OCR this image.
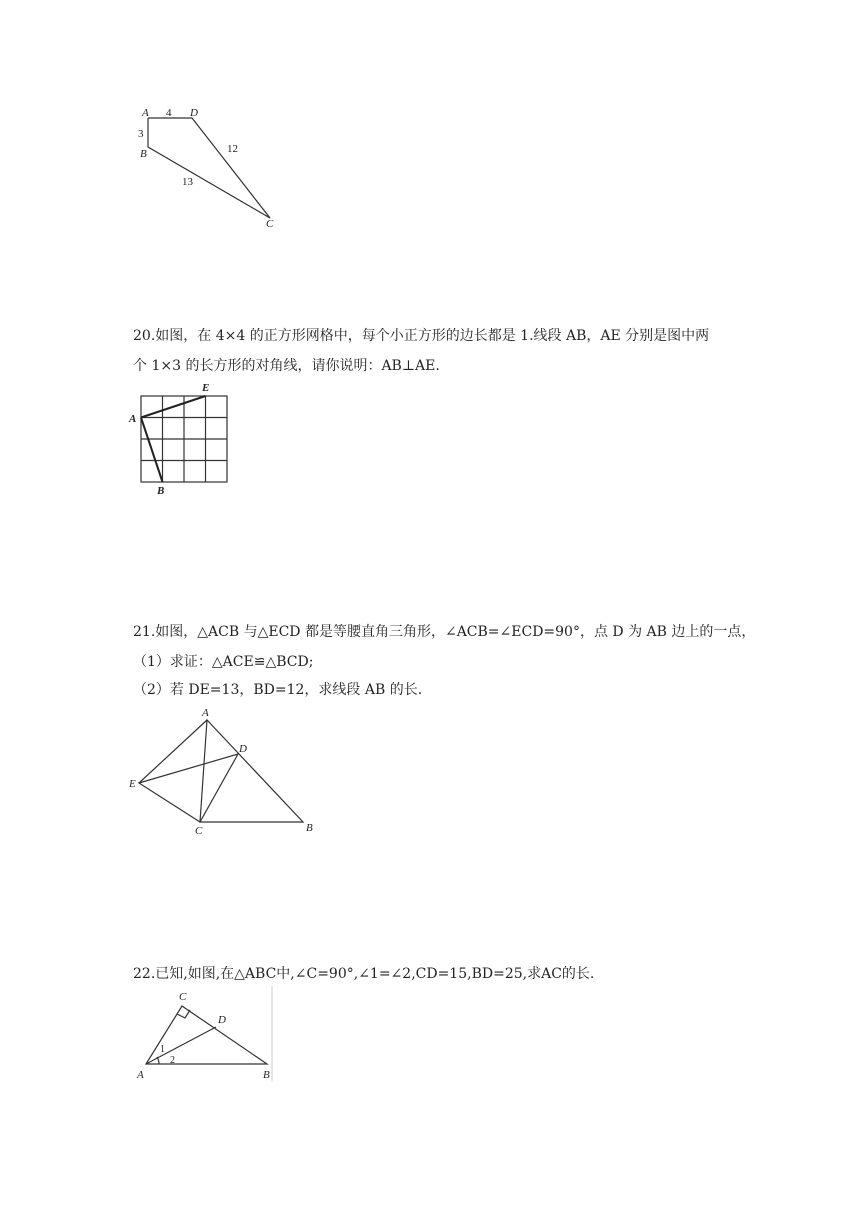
A	D
B
C
4
3
13
12
20.如图，在 4×4 的正方形网格中，每个小正方形的边长都是 1.线段 AB，AE 分别是图中两
个 1×3 的长方形的对角线，请你说明：AB⊥AE.
A
E
B
21.如图，△ACB 与△ECD 都是等腰直角三角形，∠ACB=∠ECD=90°，点 D 为 AB 边上的一点，
（1）求证：△ACE≌△BCD;
（2）若 DE=13，BD=12，求线段 AB 的长.
A
D
E
C	B
22.已知,如图,在△ABC中,∠C=90°,∠1=∠2,CD=15,BD=25,求AC的长.
C
D
A	B
1
2
